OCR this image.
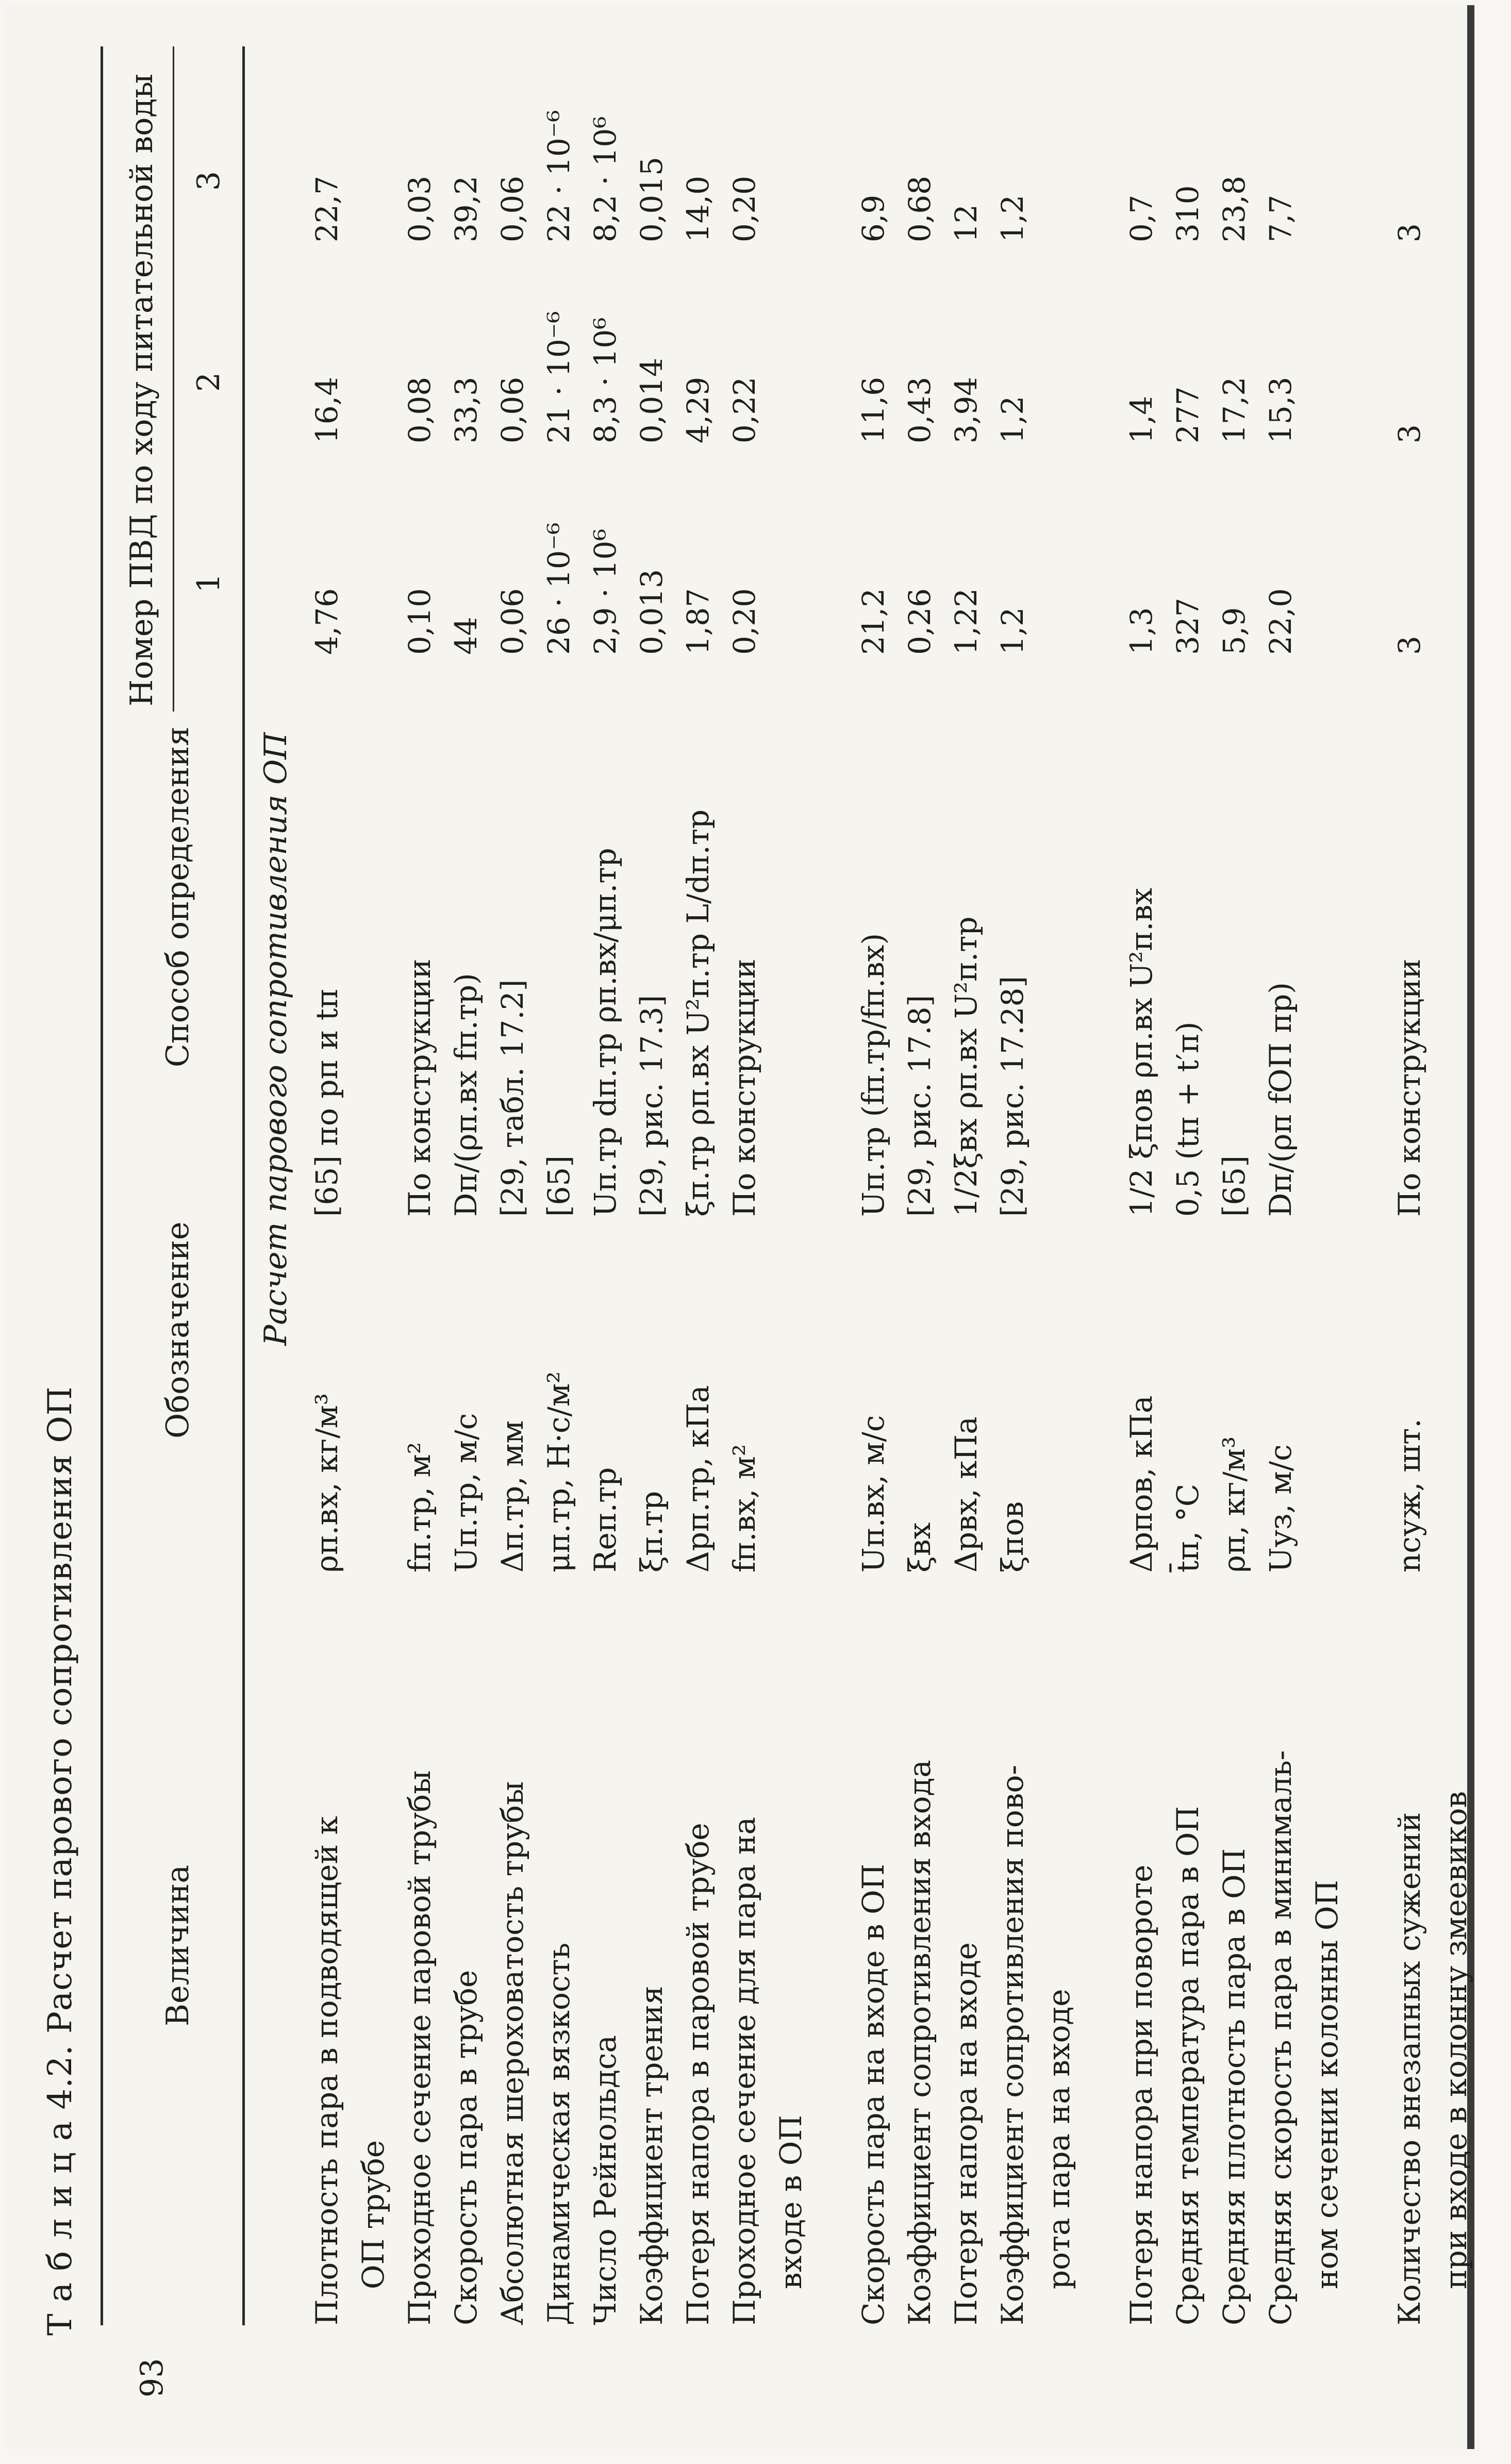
Т а б л и ц а 4.2. Расчет парового сопротивления ОП
93
Величина
Обозначение
Способ определения
Номер ПВД по ходу питательной воды 1
2
3
Расчет парового сопротивления ОП
Плотность пара в подводящей к
ρп.вх, кг/м³
[65] по pп и tп
4,76
16,4
22,7
ОП трубе Проходное сечение паровой трубы
fп.тр, м²
По конструкции
0,10
0,08
0,03
Скорость пара в трубе
Uп.тр, м/с
Dп/(ρп.вх fп.тр)
44
33,3
39,2
Абсолютная шероховатость трубы
Δп.тр, мм
[29, табл. 17.2]
0,06
0,06
0,06
Динамическая вязкость
μп.тр, Н·с/м²
[65]
26 · 10⁻⁶
21 · 10⁻⁶
22 · 10⁻⁶
Число Рейнольдса
Reп.тр
Uп.тр dп.тр ρп.вх/μп.тр
2,9 · 10⁶
8,3 · 10⁶
8,2 · 10⁶
Коэффициент трения
ξп.тр
[29, рис. 17.3]
0,013
0,014
0,015
Потеря напора в паровой трубе
Δpп.тр, кПа
ξп.тр ρп.вх U²п.тр L/dп.тр
1,87
4,29
14,0
Проходное сечение для пара на
fп.вх, м²
По конструкции
0,20
0,22
0,20
входе в ОП Скорость пара на входе в ОП
Uп.вх, м/с
Uп.тр (fп.тр/fп.вх)
21,2
11,6
6,9
Коэффициент сопротивления входа
ξвх
[29, рис. 17.8]
0,26
0,43
0,68
Потеря напора на входе
Δpвх, кПа
1/2ξвх ρп.вх U²п.тр
1,22
3,94
12
Коэффициент сопротивления пово-
ξпов
[29, рис. 17.28]
1,2
1,2
1,2
рота пара на входе Потеря напора при повороте
Δpпов, кПа
1/2 ξпов ρп.вх U²п.вх
1,3
1,4
0,7
Средняя температура пара в ОП
t̄п, °С
0,5 (tп + t′п)
327
277
310
Средняя плотность пара в ОП
ρп, кг/м³
[65]
5,9
17,2
23,8
Средняя скорость пара в минималь-
Uуз, м/с
Dп/(ρп fОП пр)
22,0
15,3
7,7
ном сечении колонны ОП Количество внезапных сужений
nсуж, шт.
По конструкции
3
3
3
при входе в колонну змеевиков
